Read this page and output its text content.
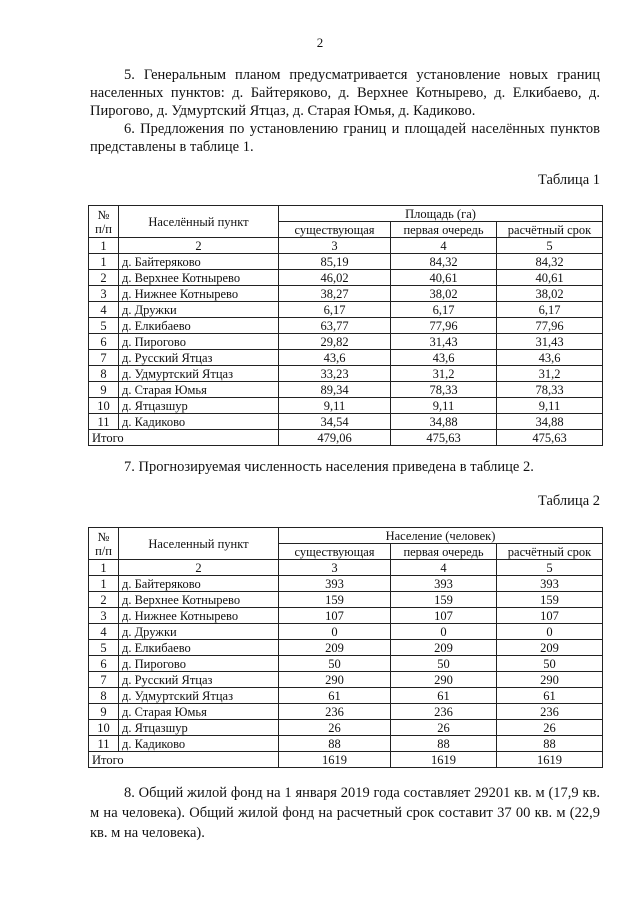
2

5. Генеральным планом предусматривается установление новых границ населенных пунктов: д. Байтеряково, д. Верхнее Котнырево, д. Елкибаево, д. Пирогово, д. Удмуртский Ятцаз, д. Старая Юмья, д. Кадиково.

6. Предложения по установлению границ и площадей населённых пунктов представлены в таблице 1.

Таблица 1
№ п/п	Населённый пункт	Площадь (га)		
		существующая	первая очередь	расчётный срок
1	2	3	4	5
1	д. Байтеряково	85,19	84,32	84,32
2	д. Верхнее Котнырево	46,02	40,61	40,61
3	д. Нижнее Котнырево	38,27	38,02	38,02
4	д. Дружки	6,17	6,17	6,17
5	д. Елкибаево	63,77	77,96	77,96
6	д. Пирогово	29,82	31,43	31,43
7	д. Русский Ятцаз	43,6	43,6	43,6
8	д. Удмуртский Ятцаз	33,23	31,2	31,2
9	д. Старая Юмья	89,34	78,33	78,33
10	д. Ятцазшур	9,11	9,11	9,11
11	д. Кадиково	34,54	34,88	34,88
Итого		479,06	475,63	475,63

7. Прогнозируемая численность населения приведена в таблице 2.

Таблица 2
№ п/п	Населенный пункт	Население (человек)		
		существующая	первая очередь	расчётный срок
1	2	3	4	5
1	д. Байтеряково	393	393	393
2	д. Верхнее Котнырево	159	159	159
3	д. Нижнее Котнырево	107	107	107
4	д. Дружки	0	0	0
5	д. Елкибаево	209	209	209
6	д. Пирогово	50	50	50
7	д. Русский Ятцаз	290	290	290
8	д. Удмуртский Ятцаз	61	61	61
9	д. Старая Юмья	236	236	236
10	д. Ятцазшур	26	26	26
11	д. Кадиково	88	88	88
Итого		1619	1619	1619

8. Общий жилой фонд на 1 января 2019 года составляет 29201 кв. м (17,9 кв. м на человека). Общий жилой фонд на расчетный срок составит 37 00 кв. м (22,9 кв. м на человека).
